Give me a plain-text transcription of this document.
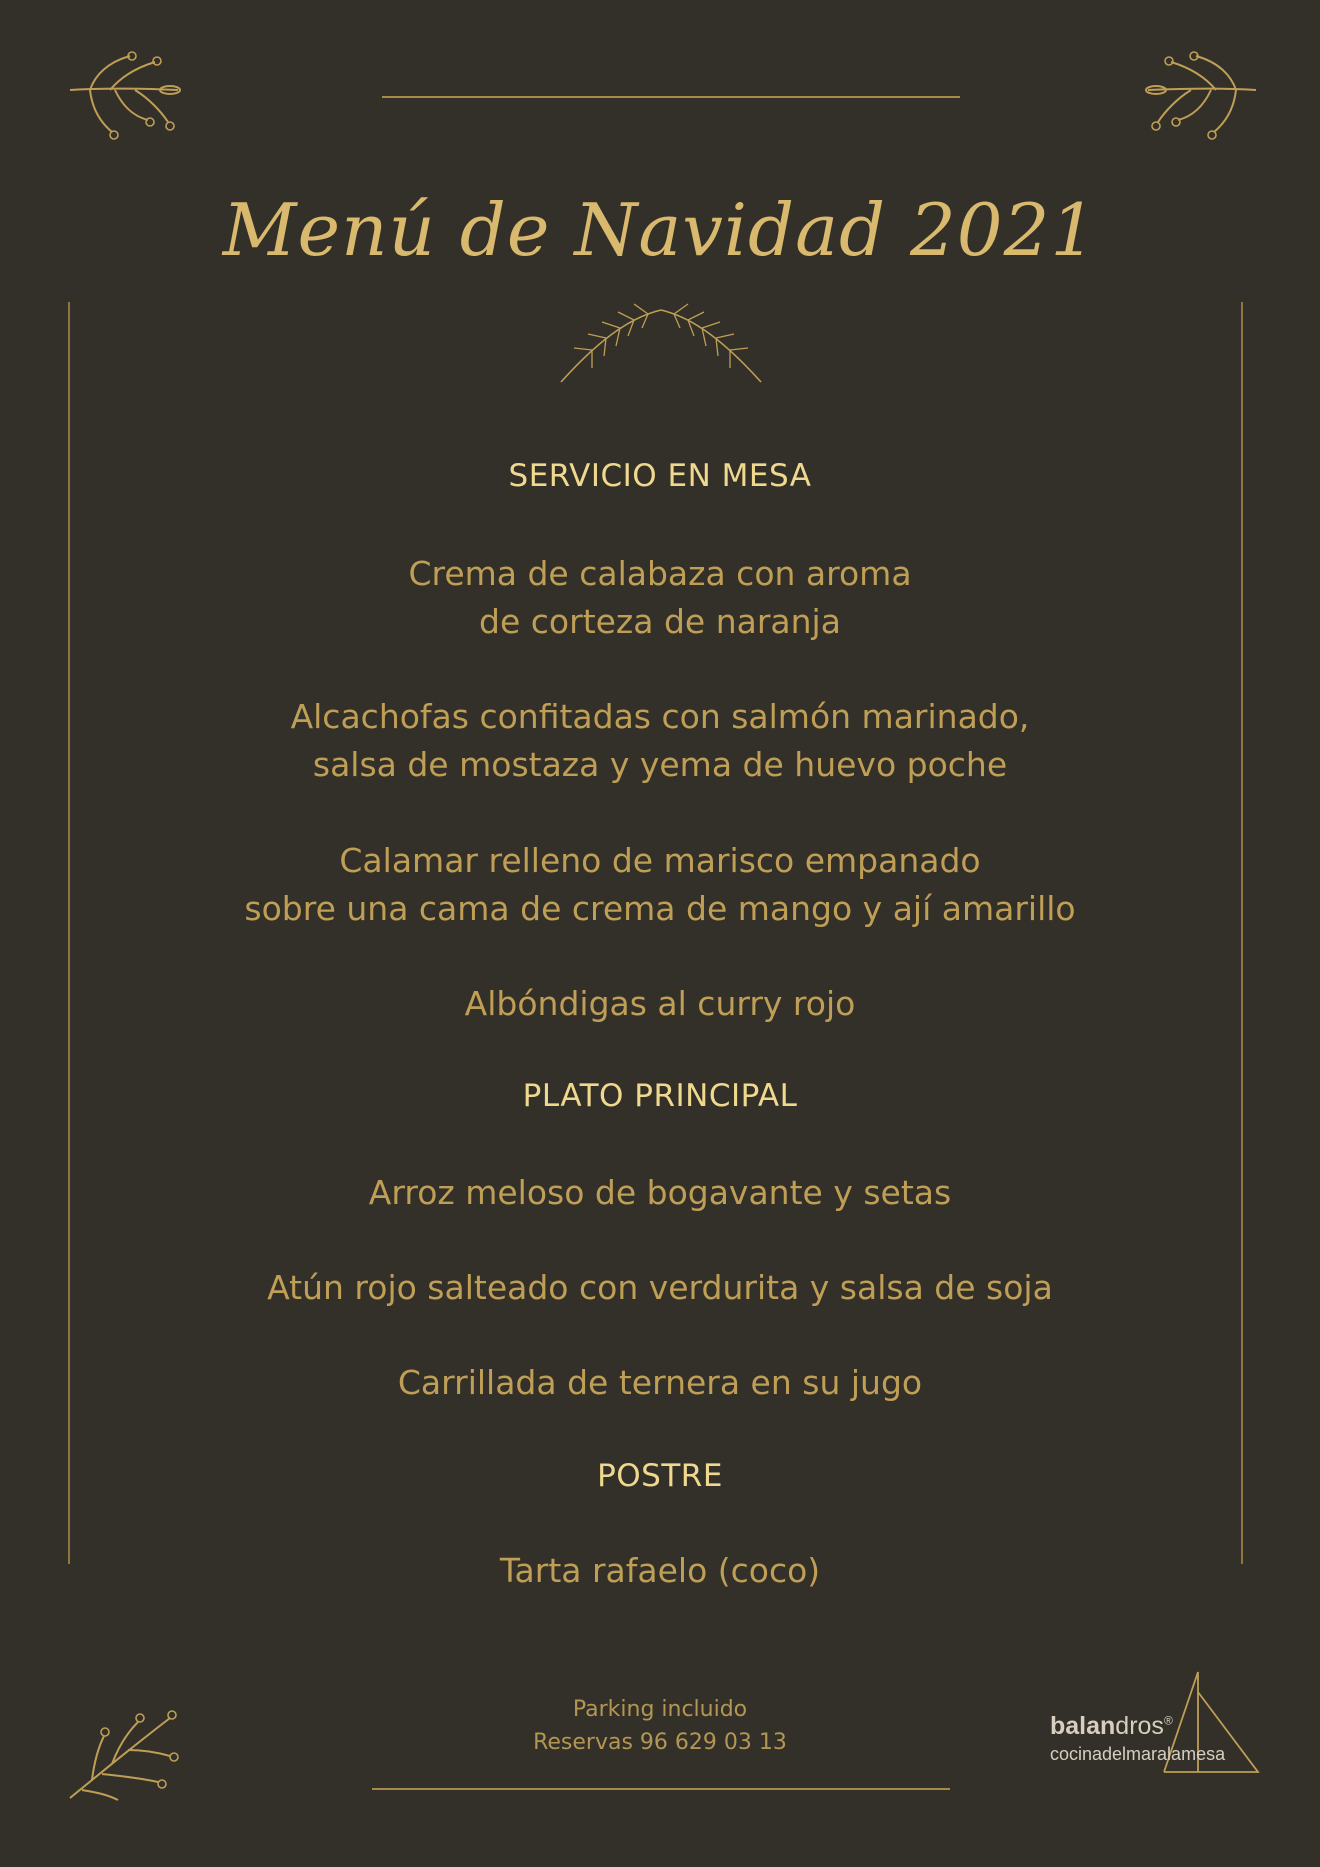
Menú de Navidad 2021
SERVICIO EN MESA
Crema de calabaza con aroma
de corteza de naranja
Alcachofas confitadas con salmón marinado,
salsa de mostaza y yema de huevo poche
Calamar relleno de marisco empanado
sobre una cama de crema de mango y ají amarillo
Albóndigas al curry rojo
PLATO PRINCIPAL
Arroz meloso de bogavante y setas
Atún rojo salteado con verdurita y salsa de soja
Carrillada de ternera en su jugo
POSTRE
Tarta rafaelo (coco)
Parking incluido
Reservas 96 629 03 13
balandros®
cocinadelmaralamesa
